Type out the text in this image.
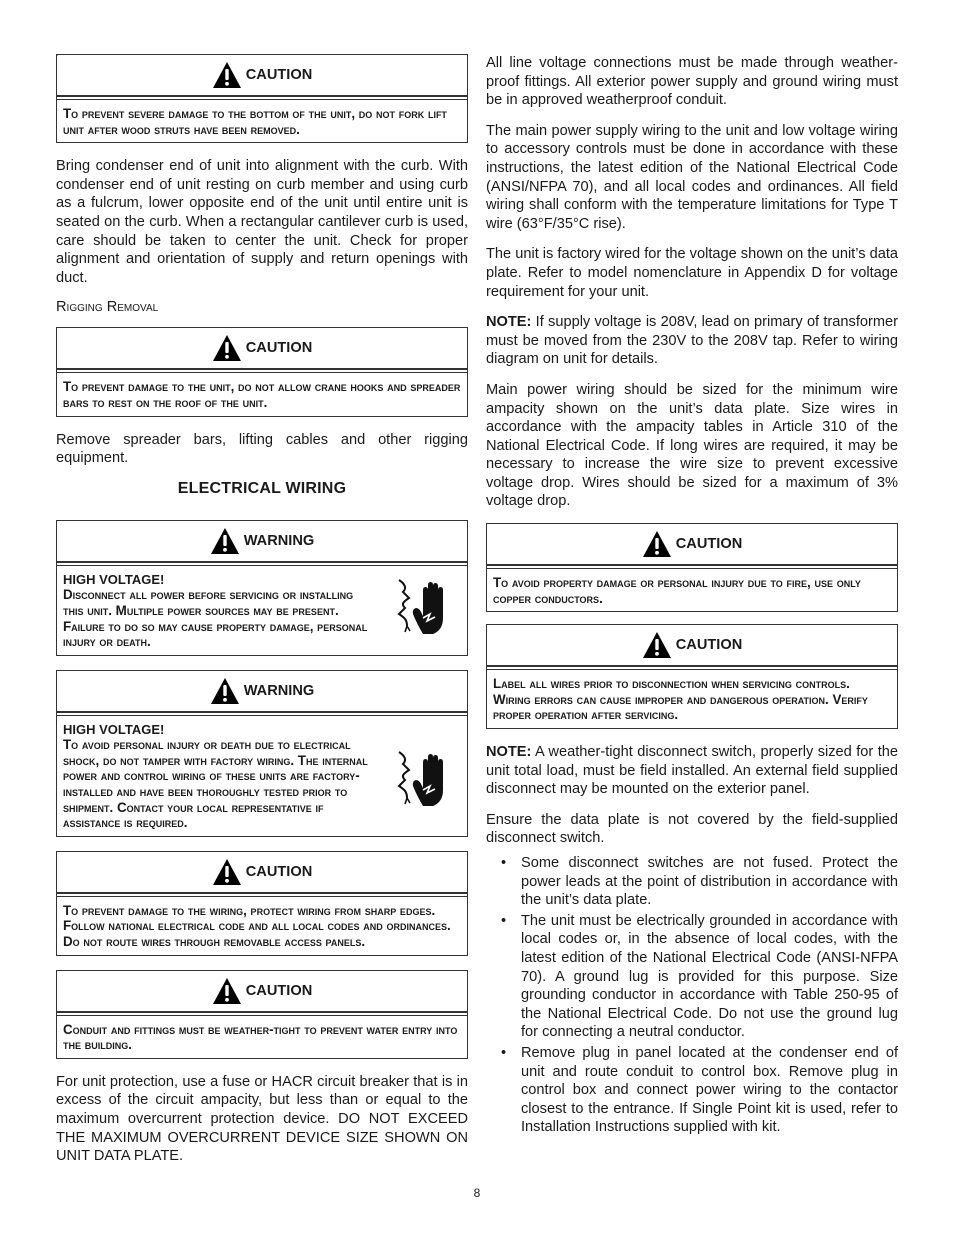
.
CAUTION
To prevent severe damage to the bottom of the unit, do not fork lift unit after wood struts have been removed.

Bring condenser end of unit into alignment with the curb. With condenser end of unit resting on curb member and using curb as a fulcrum, lower opposite end of the unit until entire unit is seated on the curb. When a rectangular cantilever curb is used, care should be taken to center the unit. Check for proper alignment and orientation of supply and return openings with duct.

Rigging Removal
CAUTION
To prevent damage to the unit, do not allow crane hooks and spreader bars to rest on the roof of the unit.

Remove spreader bars, lifting cables and other rigging equipment.

ELECTRICAL WIRING
WARNING
HIGH VOLTAGE!
Disconnect all power before servicing or installing this unit. Multiple power sources may be present. Failure to do so may cause property damage, personal injury or death.
WARNING
HIGH VOLTAGE!
To avoid personal injury or death due to electrical shock, do not tamper with factory wiring. The internal power and control wiring of these units are factory-installed and have been thoroughly tested prior to shipment. Contact your local representative if assistance is required.
CAUTION
To prevent damage to the wiring, protect wiring from sharp edges. Follow national electrical code and all local codes and ordinances. Do not route wires through removable access panels.
CAUTION
Conduit and fittings must be weather-tight to prevent water entry into the building.

For unit protection, use a fuse or HACR circuit breaker that is in excess of the circuit ampacity, but less than or equal to the maximum overcurrent protection device. DO NOT EXCEED THE MAXIMUM OVERCURRENT DEVICE SIZE SHOWN ON UNIT DATA PLATE.

All line voltage connections must be made through weather-proof fittings. All exterior power supply and ground wiring must be in approved weatherproof conduit.

The main power supply wiring to the unit and low voltage wiring to accessory controls must be done in accordance with these instructions, the latest edition of the National Electrical Code (ANSI/NFPA 70), and all local codes and ordinances. All field wiring shall conform with the temperature limitations for Type T wire (63°F/35°C rise).

The unit is factory wired for the voltage shown on the unit’s data plate. Refer to model nomenclature in Appendix D for voltage requirement for your unit.

NOTE: If supply voltage is 208V, lead on primary of transformer must be moved from the 230V to the 208V tap. Refer to wiring diagram on unit for details.

Main power wiring should be sized for the minimum wire ampacity shown on the unit’s data plate. Size wires in accordance with the ampacity tables in Article 310 of the National Electrical Code. If long wires are required, it may be necessary to increase the wire size to prevent excessive voltage drop. Wires should be sized for a maximum of 3% voltage drop.

CAUTION
To avoid property damage or personal injury due to fire, use only copper conductors.
CAUTION
Label all wires prior to disconnection when servicing controls. Wiring errors can cause improper and dangerous operation. Verify proper operation after servicing.

NOTE: A weather-tight disconnect switch, properly sized for the unit total load, must be field installed. An external field supplied disconnect may be mounted on the exterior panel.

Ensure the data plate is not covered by the field-supplied disconnect switch.

• Some disconnect switches are not fused. Protect the power leads at the point of distribution in accordance with the unit’s data plate.
• The unit must be electrically grounded in accordance with local codes or, in the absence of local codes, with the latest edition of the National Electrical Code (ANSI-NFPA 70). A ground lug is provided for this purpose. Size grounding conductor in accordance with Table 250-95 of the National Electrical Code. Do not use the ground lug for connecting a neutral conductor.
• Remove plug in panel located at the condenser end of unit and route conduit to control box. Remove plug in control box and connect power wiring to the contactor closest to the entrance. If Single Point kit is used, refer to Installation Instructions supplied with kit.
8
